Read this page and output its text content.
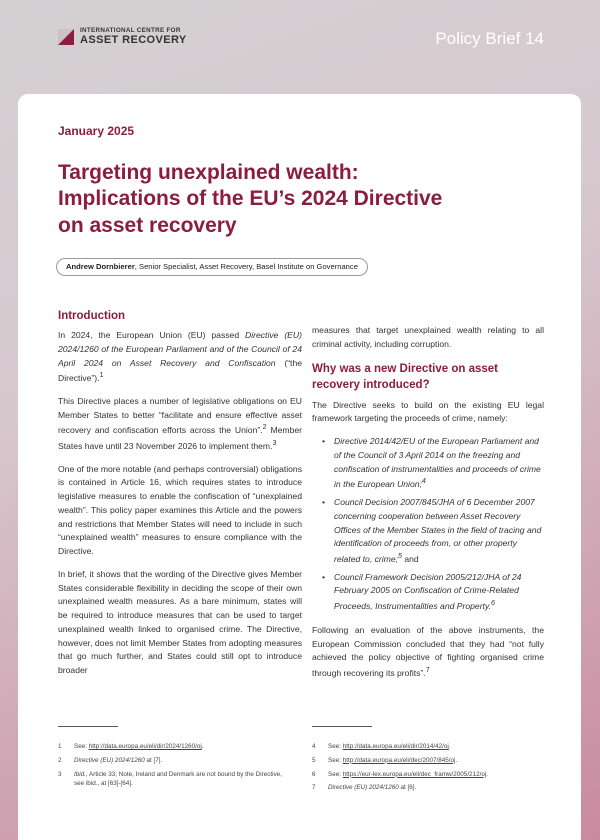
INTERNATIONAL CENTRE FOR
ASSET RECOVERY	Policy Brief 14
January 2025
Targeting unexplained wealth:
Implications of the EU’s 2024 Directive
on asset recovery
Andrew Dornbierer, Senior Specialist, Asset Recovery, Basel Institute on Governance
Introduction

In 2024, the European Union (EU) passed Directive (EU) 2024/1260 of the European Parliament and of the Council of 24 April 2024 on Asset Recovery and Confiscation (“the Directive”).$^1$

This Directive places a number of legislative obligations on EU Member States to better “facilitate and ensure effective asset recovery and confiscation efforts across the Union”.$^2$ Member States have until 23 November 2026 to implement them.$^3$

One of the more notable (and perhaps controversial) obligations is contained in Article 16, which requires states to introduce legislative measures to enable the confiscation of “unexplained wealth”. This policy paper examines this Article and the powers and restrictions that Member States will need to include in such “unexplained wealth” measures to ensure compliance with the Directive.

In brief, it shows that the wording of the Directive gives Member States considerable flexibility in deciding the scope of their own unexplained wealth measures. As a bare minimum, states will be required to introduce measures that can be used to target unexplained wealth linked to organised crime. The Directive, however, does not limit Member States from adopting measures that go much further, and States could still opt to introduce broader

measures that target unexplained wealth relating to all criminal activity, including corruption.

Why was a new Directive on asset recovery introduced?

The Directive seeks to build on the existing EU legal framework targeting the proceeds of crime, namely:

• Directive 2014/42/EU of the European Parliament and of the Council of 3 April 2014 on the freezing and confiscation of instrumentalities and proceeds of crime in the European Union;$^4$
• Council Decision 2007/845/JHA of 6 December 2007 concerning cooperation between Asset Recovery Offices of the Member States in the field of tracing and identification of proceeds from, or other property related to, crime;$^5$ and
• Council Framework Decision 2005/212/JHA of 24 February 2005 on Confiscation of Crime-Related Proceeds, Instrumentalities and Property.$^6$

Following an evaluation of the above instruments, the European Commission concluded that they had “not fully achieved the policy objective of fighting organised crime through recovering its profits”.$^7$

1	See: http://data.europa.eu/eli/dir/2024/1260/oj.
2	Directive (EU) 2024/1260 at [7].
3	Ibid., Article 33; Note, Ireland and Denmark are not bound by the Directive, see ibid., at [63]-[64].
4	See: http://data.europa.eu/eli/dir/2014/42/oj.
5	See: http://data.europa.eu/eli/dec/2007/845/oj.
6	See: https://eur-lex.europa.eu/eli/dec_framw/2005/212/oj.
7	Directive (EU) 2024/1260 at [6].
